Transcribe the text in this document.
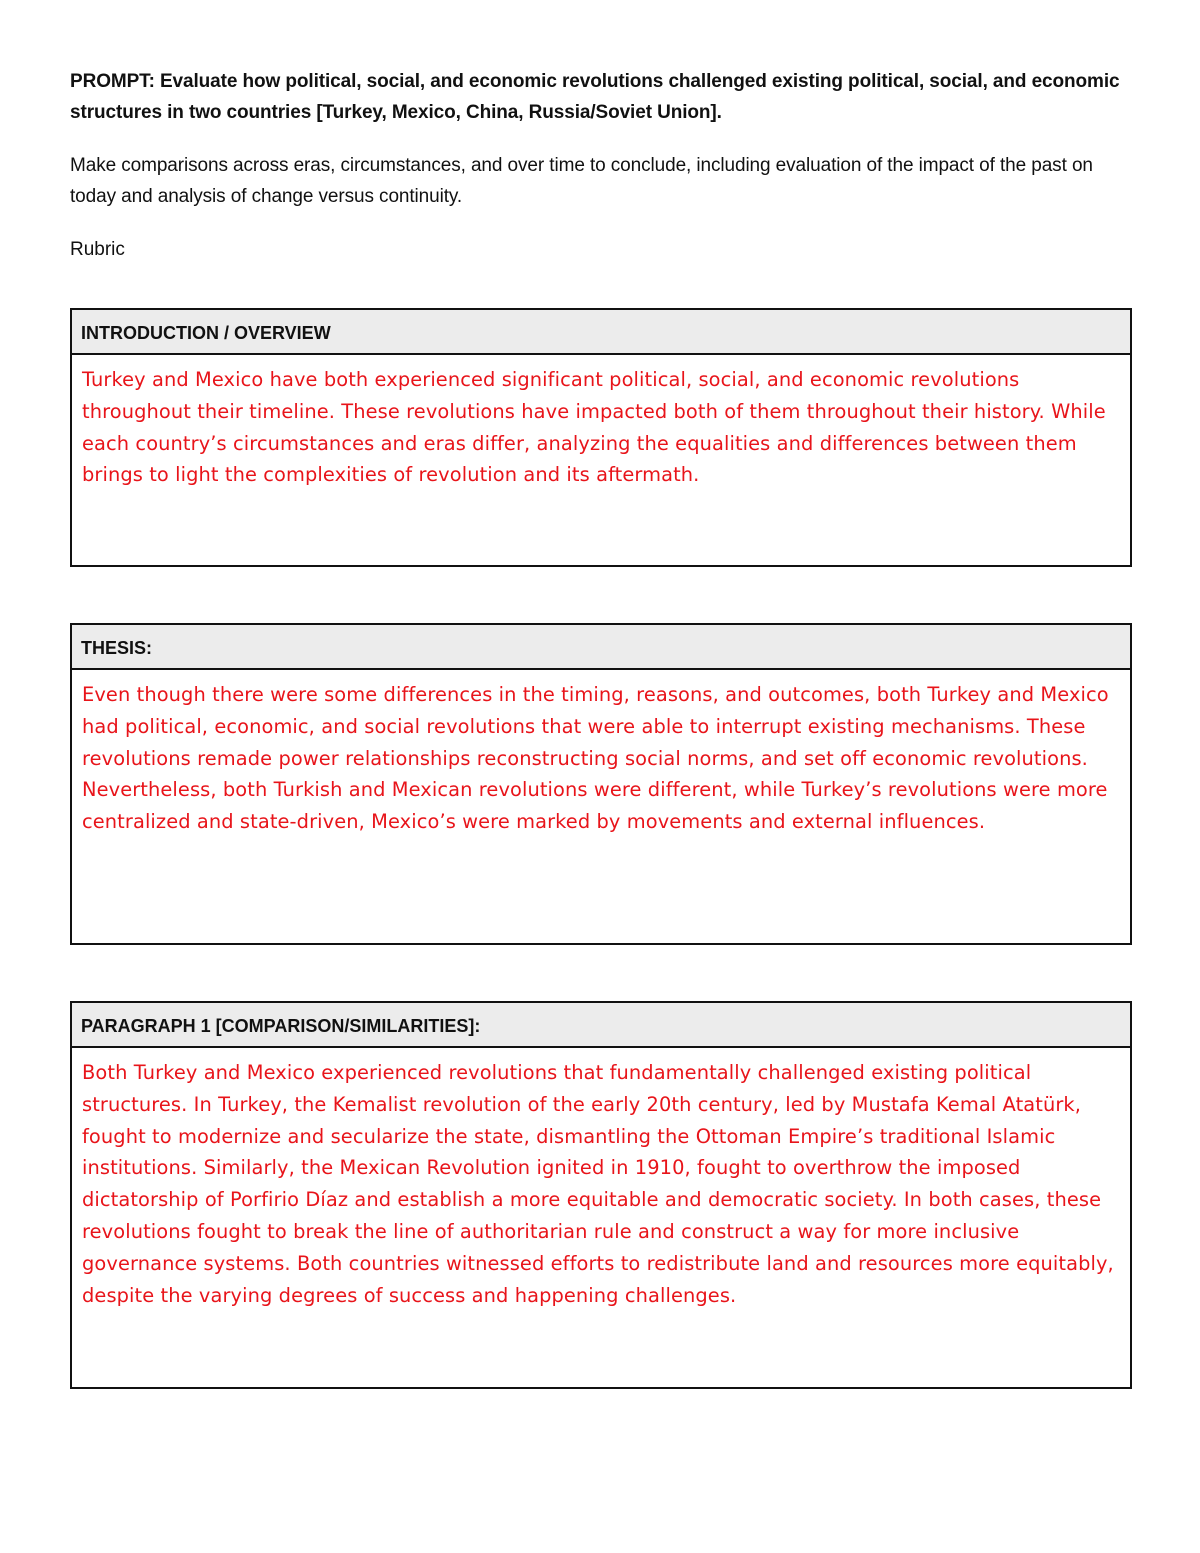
PROMPT: Evaluate how political, social, and economic revolutions challenged existing political, social, and economic structures in two countries [Turkey, Mexico, China, Russia/Soviet Union].

Make comparisons across eras, circumstances, and over time to conclude, including evaluation of the impact of the past on today and analysis of change versus continuity.

Rubric

INTRODUCTION / OVERVIEW
Turkey and Mexico have both experienced significant political, social, and economic revolutions throughout their timeline. These revolutions have impacted both of them throughout their history. While each country’s circumstances and eras differ, analyzing the equalities and differences between them brings to light the complexities of revolution and its aftermath.
THESIS:
Even though there were some differences in the timing, reasons, and outcomes, both Turkey and Mexico had political, economic, and social revolutions that were able to interrupt existing mechanisms. These revolutions remade power relationships reconstructing social norms, and set off economic revolutions. Nevertheless, both Turkish and Mexican revolutions were different, while Turkey’s revolutions were more centralized and state-driven, Mexico’s were marked by movements and external influences.
PARAGRAPH 1 [COMPARISON/SIMILARITIES]:
Both Turkey and Mexico experienced revolutions that fundamentally challenged existing political structures. In Turkey, the Kemalist revolution of the early 20th century, led by Mustafa Kemal Atatürk, fought to modernize and secularize the state, dismantling the Ottoman Empire’s traditional Islamic institutions. Similarly, the Mexican Revolution ignited in 1910, fought to overthrow the imposed dictatorship of Porfirio Díaz and establish a more equitable and democratic society. In both cases, these revolutions fought to break the line of authoritarian rule and construct a way for more inclusive governance systems. Both countries witnessed efforts to redistribute land and resources more equitably, despite the varying degrees of success and happening challenges.
